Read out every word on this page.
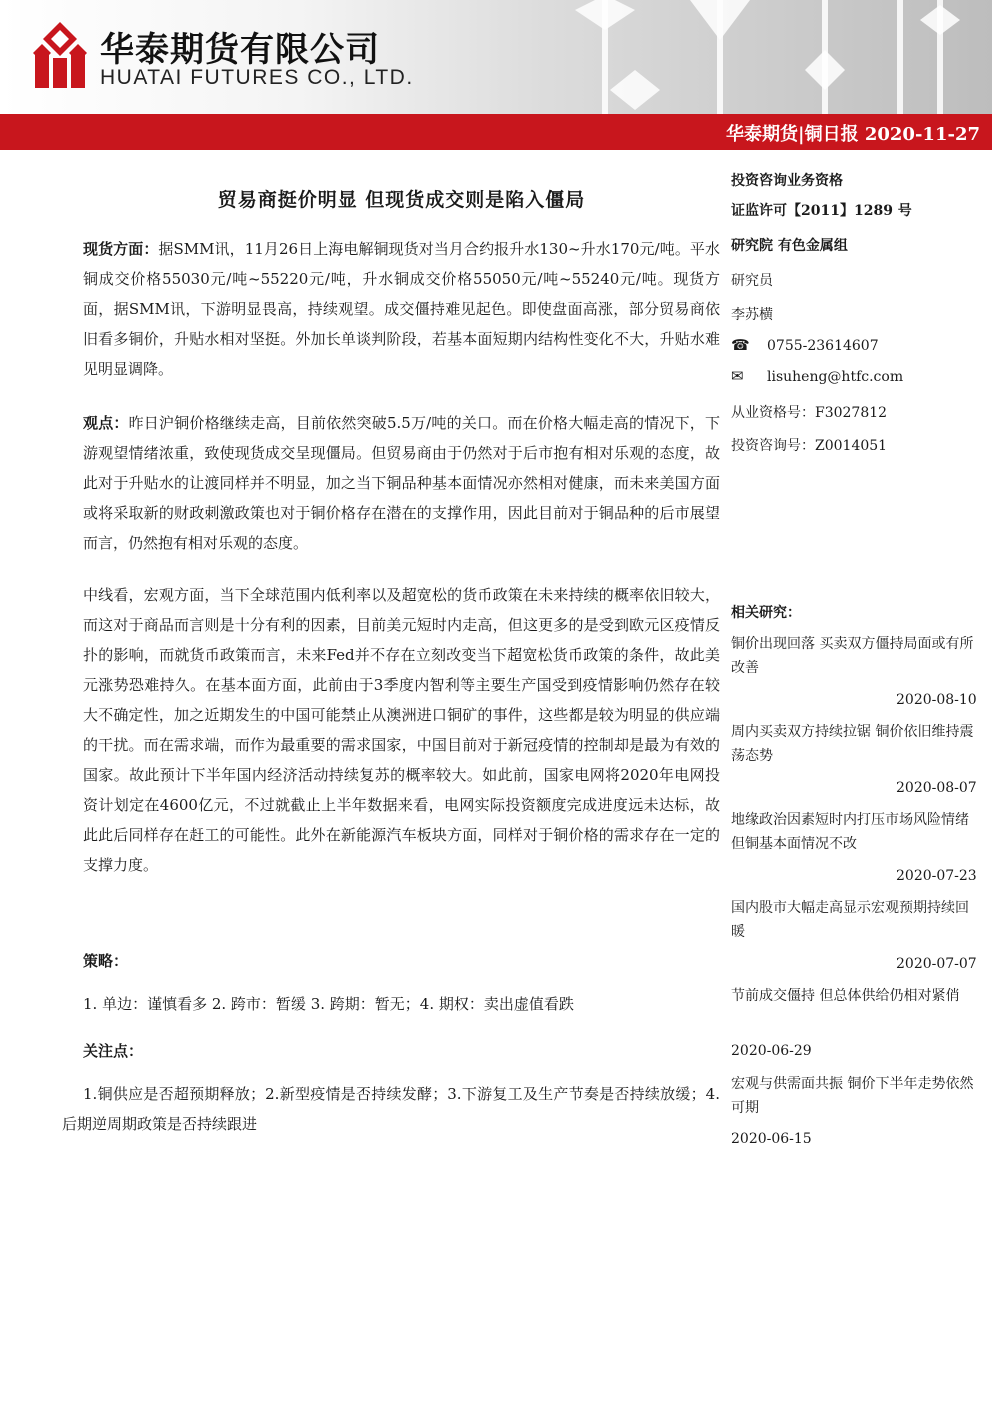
华泰期货有限公司
HUATAI FUTURES CO., LTD.
华泰期货|铜日报 2020-11-27
贸易商挺价明显 但现货成交则是陷入僵局
现货方面：据SMM讯，11月26日上海电解铜现货对当月合约报升水130~升水170元/吨。平水铜成交价格55030元/吨~55220元/吨，升水铜成交价格55050元/吨~55240元/吨。现货方面，据SMM讯，下游明显畏高，持续观望。成交僵持难见起色。即使盘面高涨，部分贸易商依旧看多铜价，升贴水相对坚挺。外加长单谈判阶段，若基本面短期内结构性变化不大，升贴水难见明显调降。
观点：昨日沪铜价格继续走高，目前依然突破5.5万/吨的关口。而在价格大幅走高的情况下，下游观望情绪浓重，致使现货成交呈现僵局。但贸易商由于仍然对于后市抱有相对乐观的态度，故此对于升贴水的让渡同样并不明显，加之当下铜品种基本面情况亦然相对健康，而未来美国方面或将采取新的财政刺激政策也对于铜价格存在潜在的支撑作用，因此目前对于铜品种的后市展望而言，仍然抱有相对乐观的态度。
中线看，宏观方面，当下全球范围内低利率以及超宽松的货币政策在未来持续的概率依旧较大，而这对于商品而言则是十分有利的因素，目前美元短时内走高，但这更多的是受到欧元区疫情反扑的影响，而就货币政策而言，未来Fed并不存在立刻改变当下超宽松货币政策的条件，故此美元涨势恐难持久。在基本面方面，此前由于3季度内智利等主要生产国受到疫情影响仍然存在较大不确定性，加之近期发生的中国可能禁止从澳洲进口铜矿的事件，这些都是较为明显的供应端的干扰。而在需求端，而作为最重要的需求国家，中国目前对于新冠疫情的控制却是最为有效的国家。故此预计下半年国内经济活动持续复苏的概率较大。如此前，国家电网将2020年电网投资计划定在4600亿元，不过就截止上半年数据来看，电网实际投资额度完成进度远未达标，故此此后同样存在赶工的可能性。此外在新能源汽车板块方面，同样对于铜价格的需求存在一定的支撑力度。
策略：
1. 单边：谨慎看多 2. 跨市：暂缓 3. 跨期：暂无；4. 期权：卖出虚值看跌
关注点：
1.铜供应是否超预期释放；2.新型疫情是否持续发酵；3.下游复工及生产节奏是否持续放缓；4. 后期逆周期政策是否持续跟进
投资咨询业务资格
证监许可【2011】1289 号
研究院 有色金属组
研究员
李苏横
☎ 0755-23614607
✉ lisuheng@htfc.com
从业资格号：F3027812
投资咨询号：Z0014051
相关研究：
铜价出现回落 买卖双方僵持局面或有所改善
2020-08-10
周内买卖双方持续拉锯 铜价依旧维持震荡态势
2020-08-07
地缘政治因素短时内打压市场风险情绪 但铜基本面情况不改
2020-07-23
国内股市大幅走高显示宏观预期持续回暖
2020-07-07
节前成交僵持 但总体供给仍相对紧俏
2020-06-29
宏观与供需面共振 铜价下半年走势依然可期
2020-06-15
